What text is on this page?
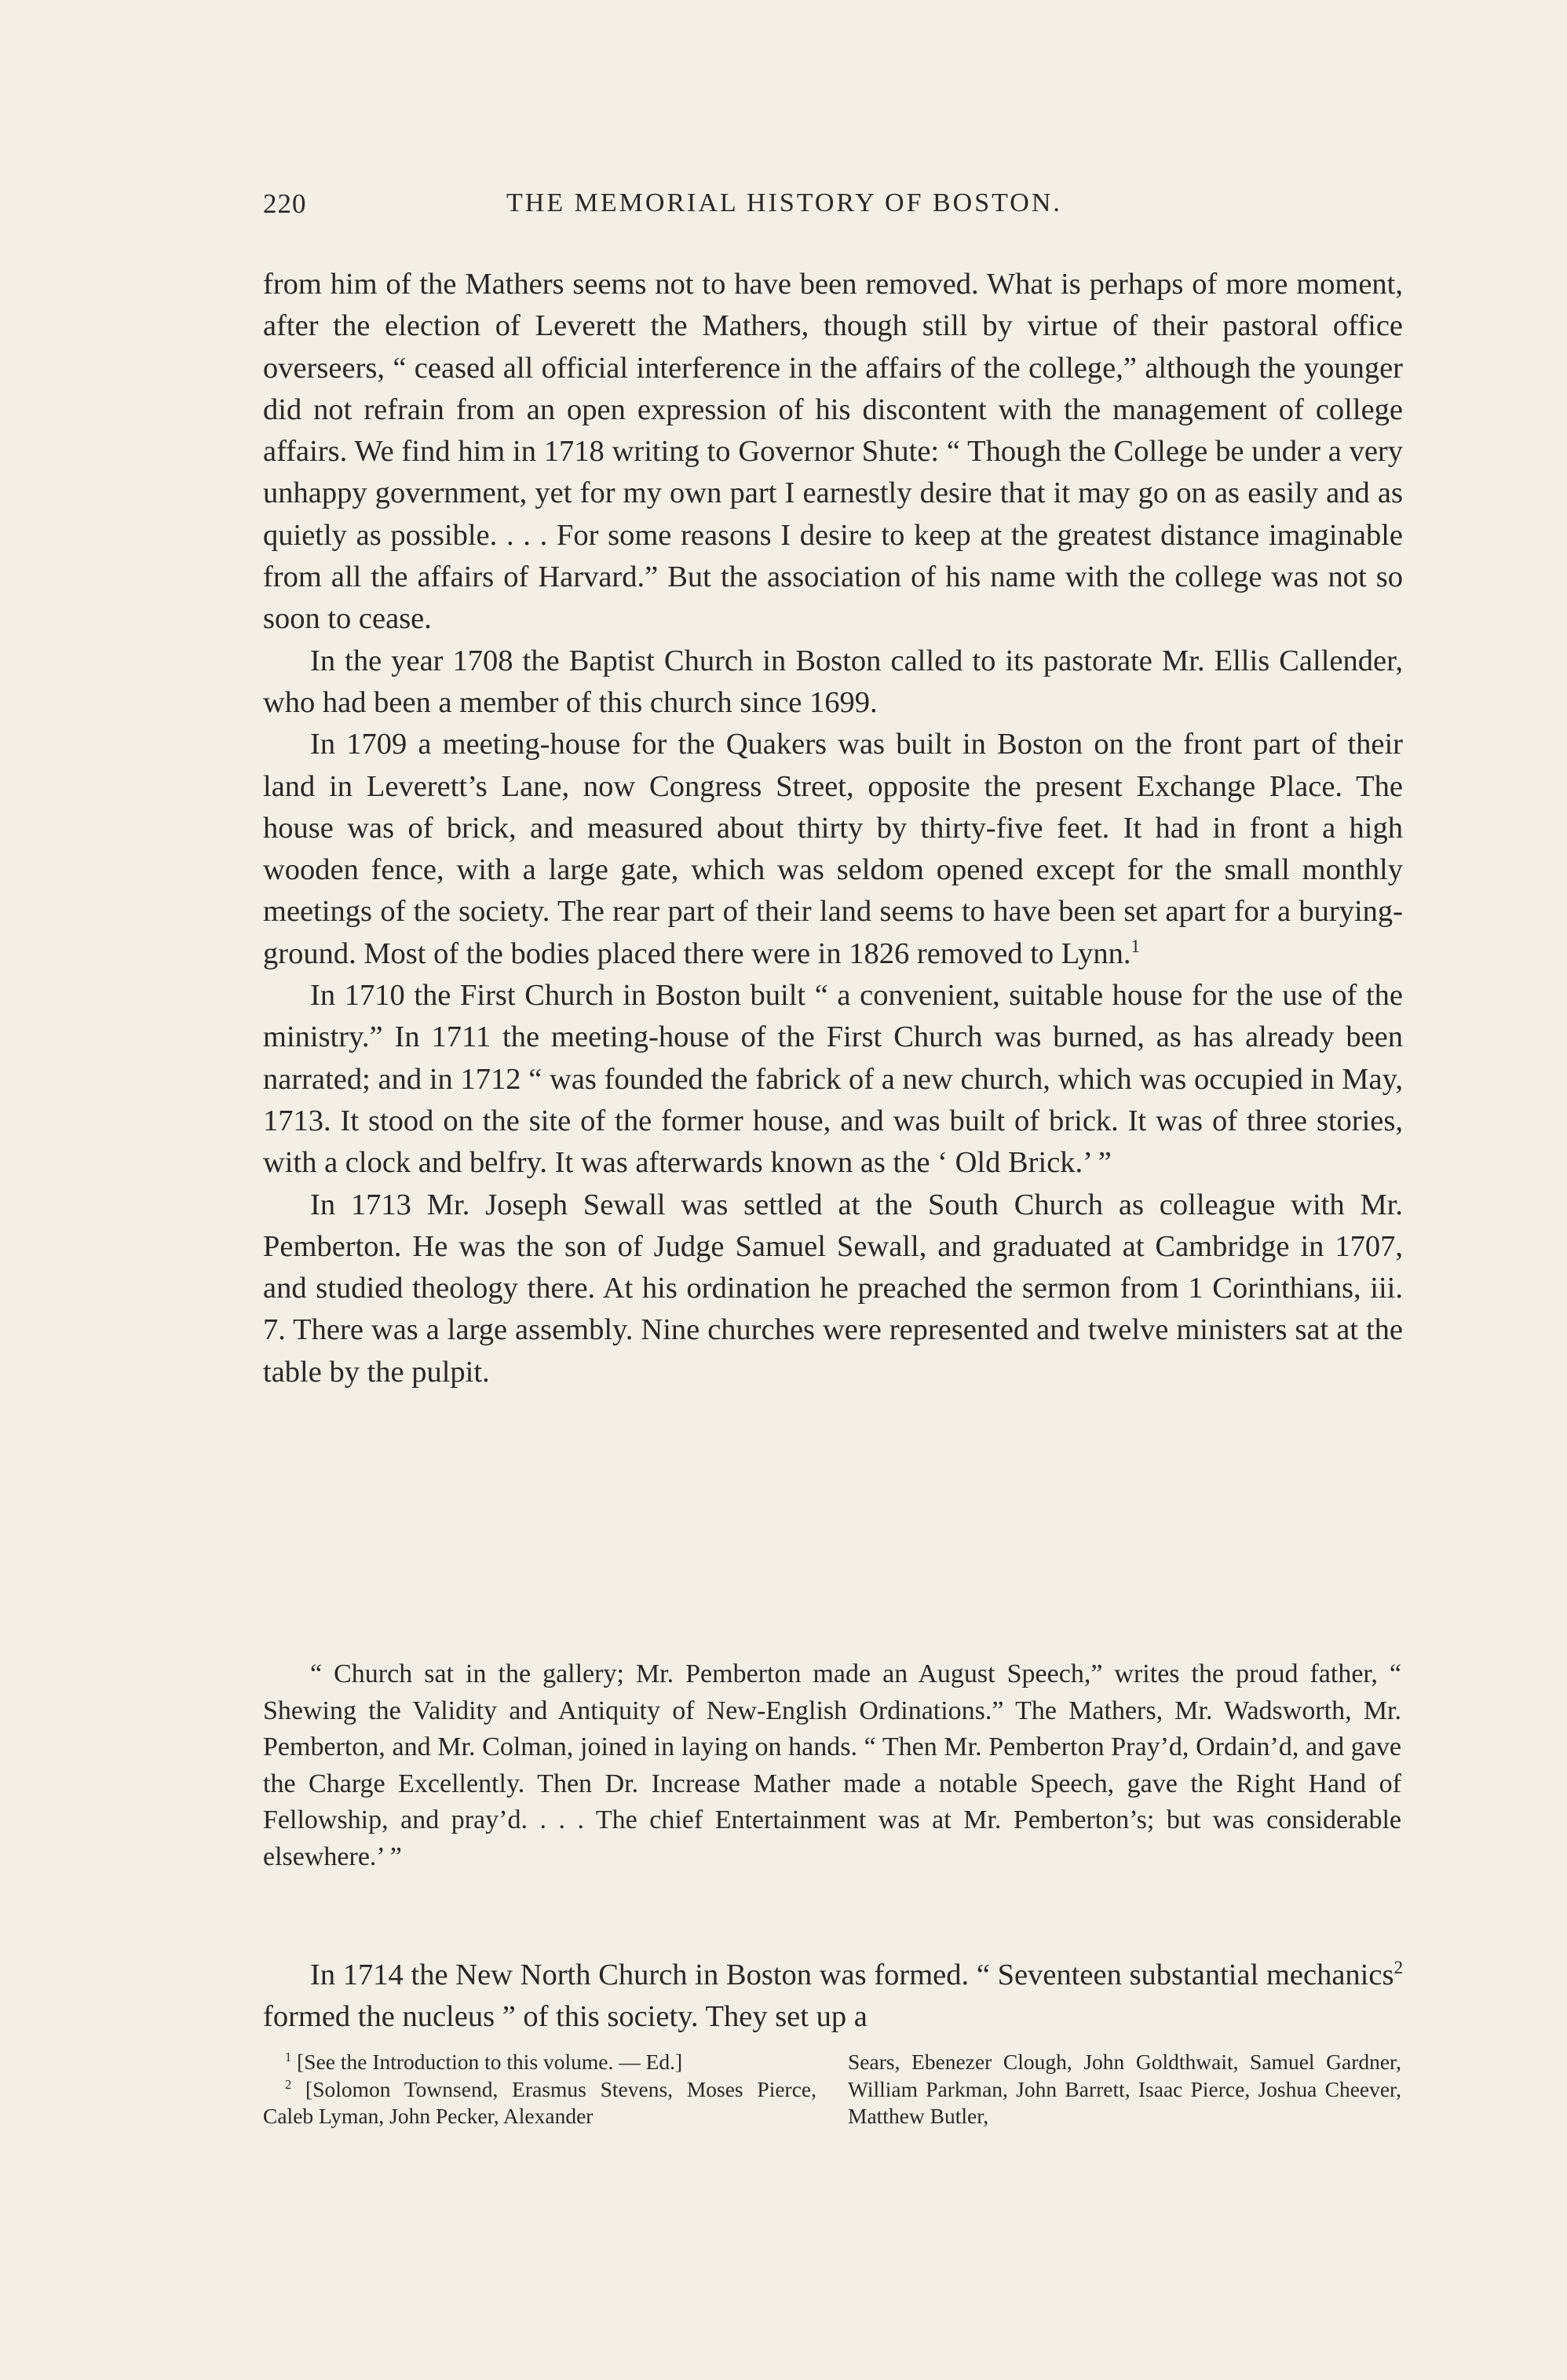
220	THE MEMORIAL HISTORY OF BOSTON.

from him of the Mathers seems not to have been removed. What is perhaps of more moment, after the election of Leverett the Mathers, though still by virtue of their pastoral office overseers, “ ceased all official interference in the affairs of the college,” although the younger did not refrain from an open expression of his discontent with the management of college affairs. We find him in 1718 writing to Governor Shute: “ Though the College be under a very unhappy government, yet for my own part I earnestly desire that it may go on as easily and as quietly as possible. . . . For some reasons I desire to keep at the greatest distance imaginable from all the affairs of Harvard.” But the association of his name with the college was not so soon to cease.

In the year 1708 the Baptist Church in Boston called to its pastorate Mr. Ellis Callender, who had been a member of this church since 1699.

In 1709 a meeting-house for the Quakers was built in Boston on the front part of their land in Leverett’s Lane, now Congress Street, opposite the present Exchange Place. The house was of brick, and measured about thirty by thirty-five feet. It had in front a high wooden fence, with a large gate, which was seldom opened except for the small monthly meetings of the society. The rear part of their land seems to have been set apart for a burying-ground. Most of the bodies placed there were in 1826 removed to Lynn.$^1$

In 1710 the First Church in Boston built “ a convenient, suitable house for the use of the ministry.” In 1711 the meeting-house of the First Church was burned, as has already been narrated; and in 1712 “ was founded the fabrick of a new church, which was occupied in May, 1713. It stood on the site of the former house, and was built of brick. It was of three stories, with a clock and belfry. It was afterwards known as the ‘ Old Brick.’ ”

In 1713 Mr. Joseph Sewall was settled at the South Church as colleague with Mr. Pemberton. He was the son of Judge Samuel Sewall, and graduated at Cambridge in 1707, and studied theology there. At his ordination he preached the sermon from 1 Corinthians, iii. 7. There was a large assembly. Nine churches were represented and twelve ministers sat at the table by the pulpit.

“ Church sat in the gallery; Mr. Pemberton made an August Speech,” writes the proud father, “ Shewing the Validity and Antiquity of New-English Ordinations.” The Mathers, Mr. Wadsworth, Mr. Pemberton, and Mr. Colman, joined in laying on hands. “ Then Mr. Pemberton Pray’d, Ordain’d, and gave the Charge Excellently. Then Dr. Increase Mather made a notable Speech, gave the Right Hand of Fellowship, and pray’d. . . . The chief Entertainment was at Mr. Pemberton’s; but was considerable elsewhere.’ ”

In 1714 the New North Church in Boston was formed. “ Seventeen substantial mechanics$^2$ formed the nucleus ” of this society. They set up a

$^1$ [See the Introduction to this volume. — Ed.]

$^2$ [Solomon Townsend, Erasmus Stevens, Moses Pierce, Caleb Lyman, John Pecker, Alexander

Sears, Ebenezer Clough, John Goldthwait, Samuel Gardner, William Parkman, John Barrett, Isaac Pierce, Joshua Cheever, Matthew Butler,
